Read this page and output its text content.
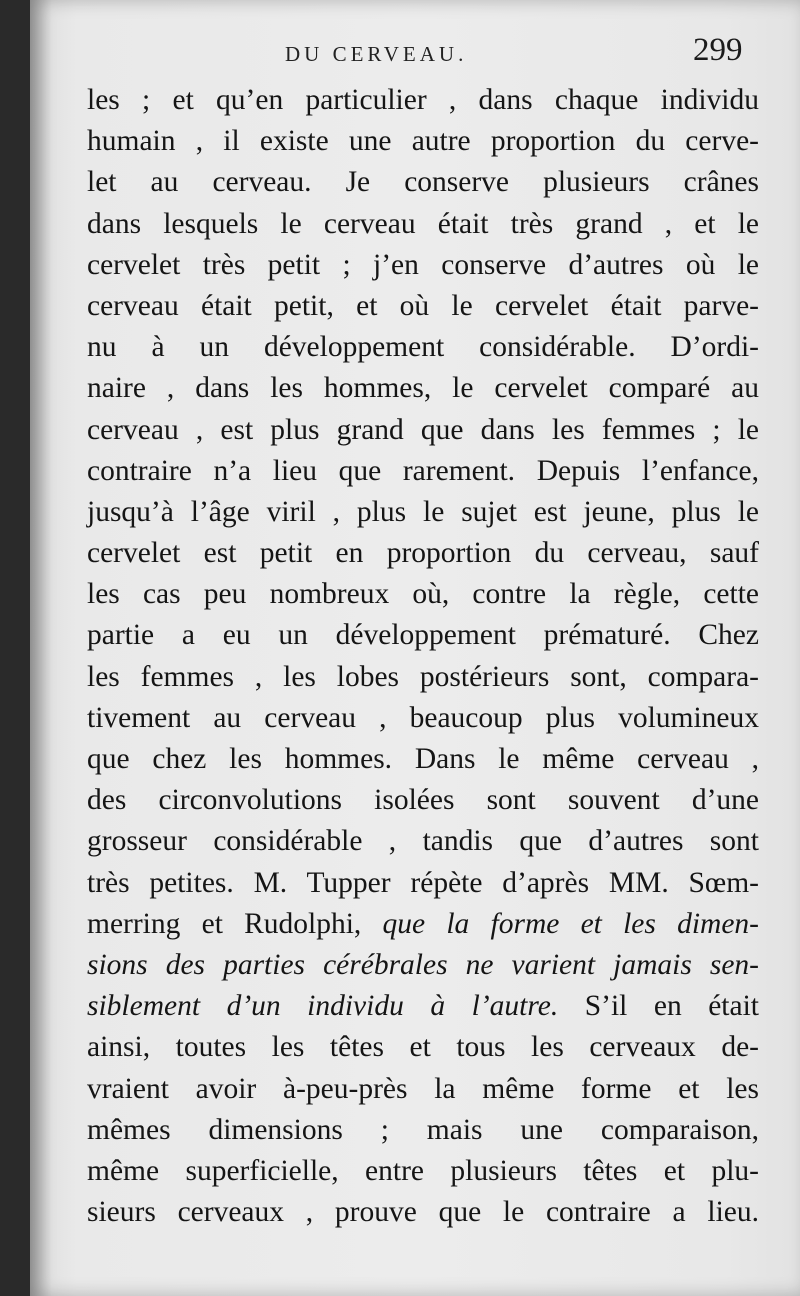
DU CERVEAU.	299
les ; et qu’en particulier , dans chaque individu
humain , il existe une autre proportion du cerve-
let au cerveau. Je conserve plusieurs crânes
dans lesquels le cerveau était très grand , et le
cervelet très petit ; j’en conserve d’autres où le
cerveau était petit, et où le cervelet était parve-
nu à un développement considérable. D’ordi-
naire , dans les hommes, le cervelet comparé au
cerveau , est plus grand que dans les femmes ; le
contraire n’a lieu que rarement. Depuis l’enfance,
jusqu’à l’âge viril , plus le sujet est jeune, plus le
cervelet est petit en proportion du cerveau, sauf
les cas peu nombreux où, contre la règle, cette
partie a eu un développement prématuré. Chez
les femmes , les lobes postérieurs sont, compara-
tivement au cerveau , beaucoup plus volumineux
que chez les hommes. Dans le même cerveau ,
des circonvolutions isolées sont souvent d’une
grosseur considérable , tandis que d’autres sont
très petites. M. Tupper répète d’après MM. Sœm-
merring et Rudolphi, que la forme et les dimen-
sions des parties cérébrales ne varient jamais sen-
siblement d’un individu à l’autre. S’il en était
ainsi, toutes les têtes et tous les cerveaux de-
vraient avoir à-peu-près la même forme et les
mêmes dimensions ; mais une comparaison,
même superficielle, entre plusieurs têtes et plu-
sieurs cerveaux , prouve que le contraire a lieu.
